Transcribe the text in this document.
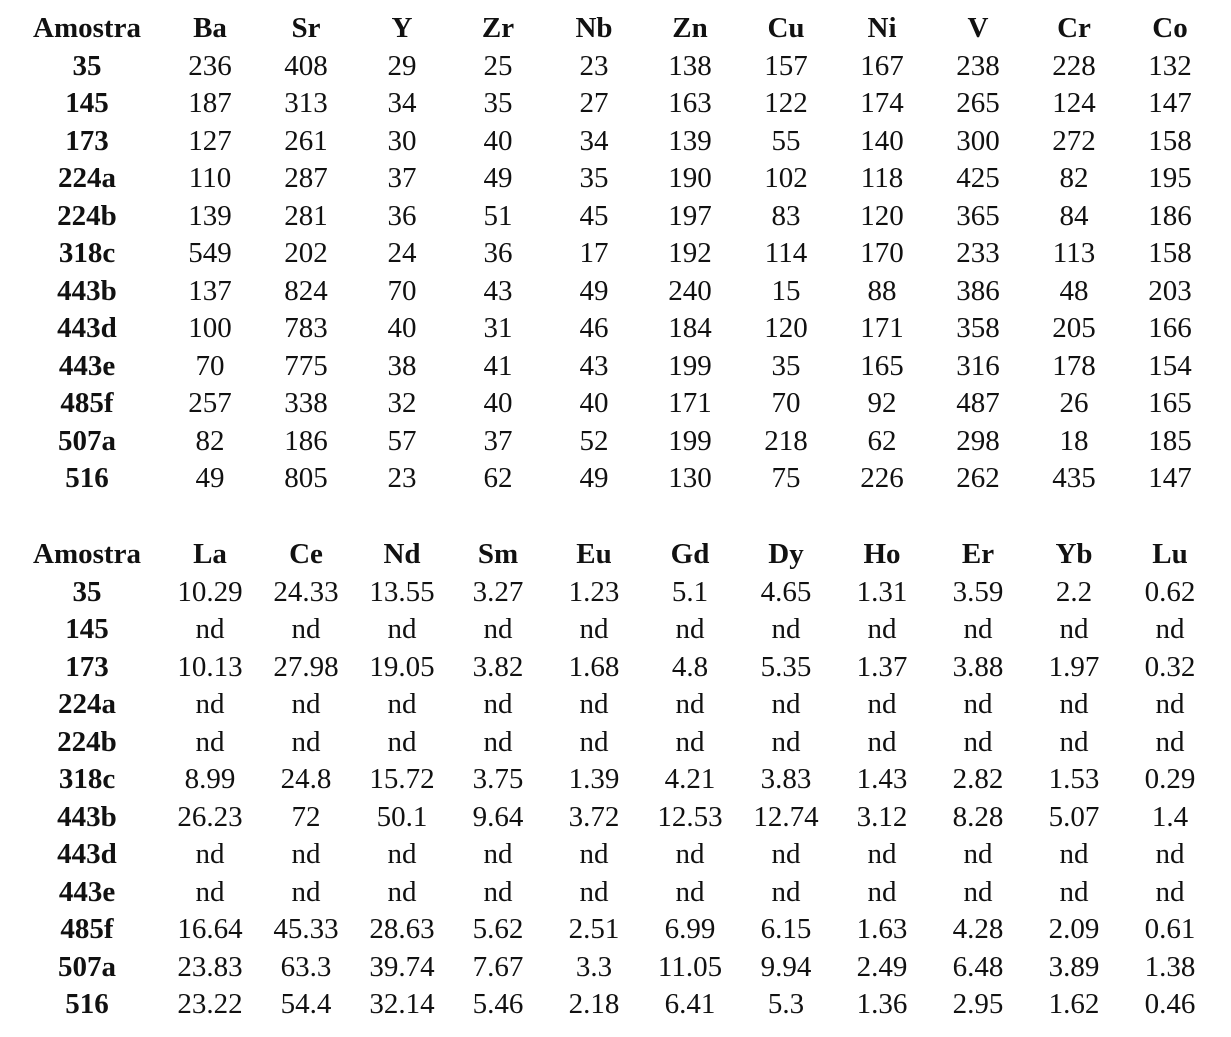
Amostra	Ba	Sr	Y	Zr	Nb	Zn	Cu	Ni	V	Cr	Co
35	236	408	29	25	23	138	157	167	238	228	132
145	187	313	34	35	27	163	122	174	265	124	147
173	127	261	30	40	34	139	55	140	300	272	158
224a	110	287	37	49	35	190	102	118	425	82	195
224b	139	281	36	51	45	197	83	120	365	84	186
318c	549	202	24	36	17	192	114	170	233	113	158
443b	137	824	70	43	49	240	15	88	386	48	203
443d	100	783	40	31	46	184	120	171	358	205	166
443e	70	775	38	41	43	199	35	165	316	178	154
485f	257	338	32	40	40	171	70	92	487	26	165
507a	82	186	57	37	52	199	218	62	298	18	185
516	49	805	23	62	49	130	75	226	262	435	147
Amostra	La	Ce	Nd	Sm	Eu	Gd	Dy	Ho	Er	Yb	Lu
35	10.29	24.33	13.55	3.27	1.23	5.1	4.65	1.31	3.59	2.2	0.62
145	nd	nd	nd	nd	nd	nd	nd	nd	nd	nd	nd
173	10.13	27.98	19.05	3.82	1.68	4.8	5.35	1.37	3.88	1.97	0.32
224a	nd	nd	nd	nd	nd	nd	nd	nd	nd	nd	nd
224b	nd	nd	nd	nd	nd	nd	nd	nd	nd	nd	nd
318c	8.99	24.8	15.72	3.75	1.39	4.21	3.83	1.43	2.82	1.53	0.29
443b	26.23	72	50.1	9.64	3.72	12.53	12.74	3.12	8.28	5.07	1.4
443d	nd	nd	nd	nd	nd	nd	nd	nd	nd	nd	nd
443e	nd	nd	nd	nd	nd	nd	nd	nd	nd	nd	nd
485f	16.64	45.33	28.63	5.62	2.51	6.99	6.15	1.63	4.28	2.09	0.61
507a	23.83	63.3	39.74	7.67	3.3	11.05	9.94	2.49	6.48	3.89	1.38
516	23.22	54.4	32.14	5.46	2.18	6.41	5.3	1.36	2.95	1.62	0.46
